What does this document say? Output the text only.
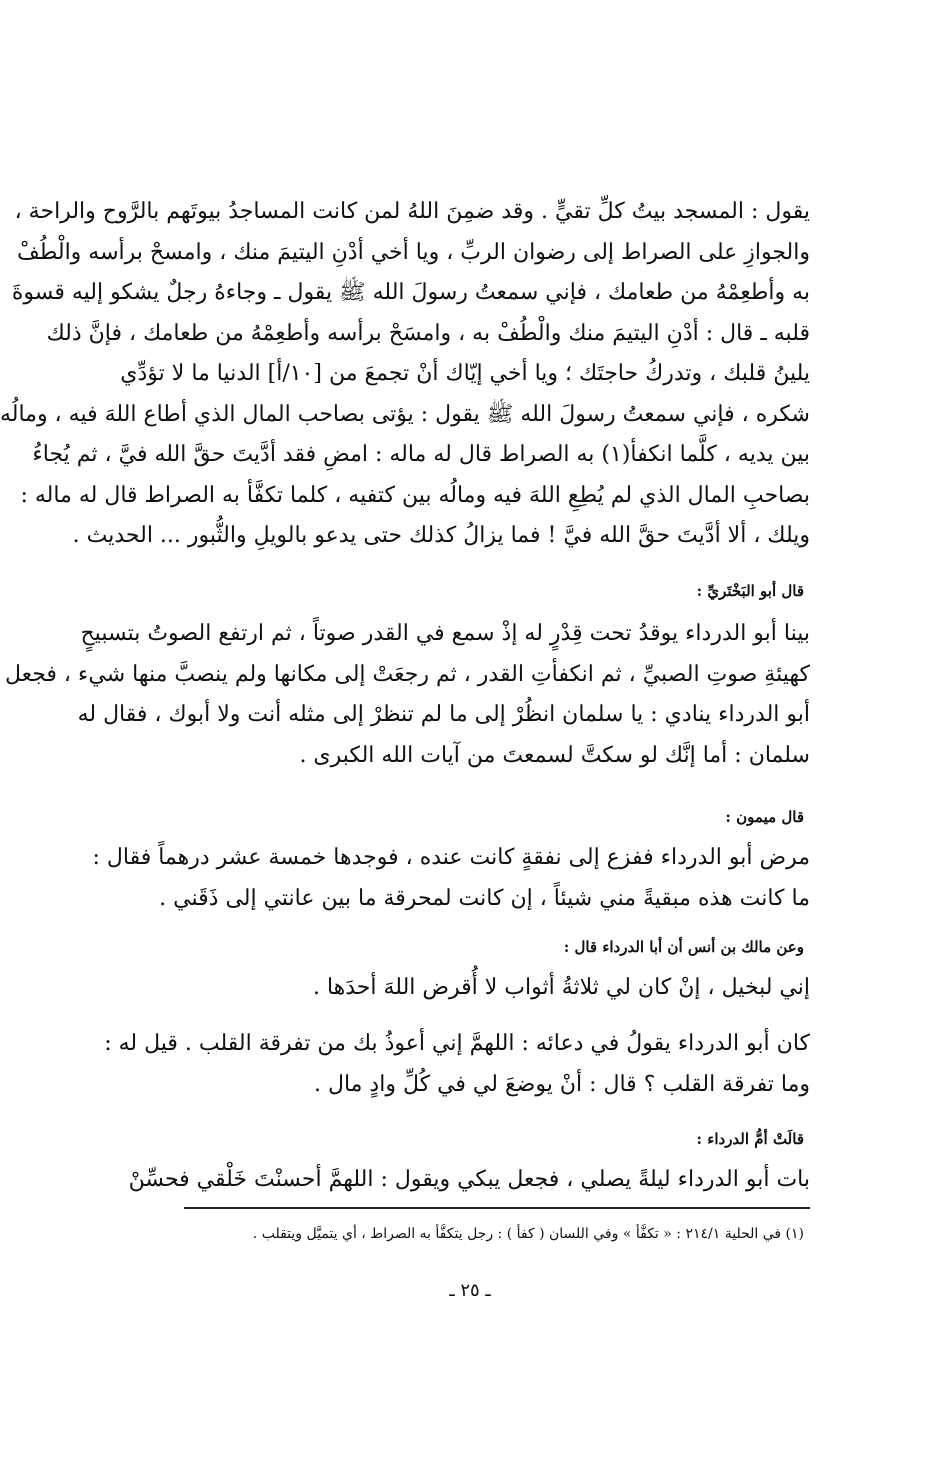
يقول : المسجد بيتُ كلِّ تقيٍّ . وقد ضمِنَ اللهُ لمن كانت المساجدُ بيوتَهم بالرَّوح والراحة ،
والجوازِ على الصراط إلى رضوان الربِّ ، ويا أخي أدْنِ اليتيمَ منك ، وامسحْ برأسه والْطُفْ
به وأطعِمْهُ من طعامك ، فإني سمعتُ رسولَ الله ﷺ يقول ـ وجاءهُ رجلٌ يشكو إليه قسوةَ
قلبه ـ قال : أدْنِ اليتيمَ منك والْطُفْ به ، وامسَحْ برأسه وأطعِمْهُ من طعامك ، فإنَّ ذلك
يلينُ قلبك ، وتدركُ حاجتَك ؛ ويا أخي إيّاك أنْ تجمعَ من [١٠/أ] الدنيا ما لا تؤدِّي
شكره ، فإني سمعتُ رسولَ الله ﷺ يقول : يؤتى بصاحب المال الذي أطاع اللهَ فيه ، ومالُه
بين يديه ، كلَّما انكفأ(١) به الصراط قال له ماله : امضِ فقد أدَّيتَ حقَّ الله فيَّ ، ثم يُجاءُ
بصاحبِ المال الذي لم يُطِعِ اللهَ فيه ومالُه بين كتفيه ، كلما تكفَّأ به الصراط قال له ماله :
ويلك ، ألا أدَّيتَ حقَّ الله فيَّ ! فما يزالُ كذلك حتى يدعو بالويلِ والثُّبور ... الحديث .
قال أبو البَخْتَريِّ :
بينا أبو الدرداء يوقدُ تحت قِدْرٍ له إذْ سمع في القدر صوتاً ، ثم ارتفع الصوتُ بتسبيحٍ
كهيئةِ صوتِ الصبيِّ ، ثم انكفأتِ القدر ، ثم رجعَتْ إلى مكانها ولم ينصبَّ منها شيء ، فجعل
أبو الدرداء ينادي : يا سلمان انظُرْ إلى ما لم تنظرْ إلى مثله أنت ولا أبوك ، فقال له
سلمان : أما إنَّك لو سكتَّ لسمعتَ من آيات الله الكبرى .
قال ميمون :
مرض أبو الدرداء ففزع إلى نفقةٍ كانت عنده ، فوجدها خمسة عشر درهماً فقال :
ما كانت هذه مبقيةً مني شيئاً ، إن كانت لمحرقة ما بين عانتي إلى ذَقَني .
وعن مالك بن أنس أن أبا الدرداء قال :
إني لبخيل ، إنْ كان لي ثلاثةُ أثواب لا أُقرض اللهَ أحدَها .
كان أبو الدرداء يقولُ في دعائه : اللهمَّ إني أعوذُ بك من تفرقة القلب . قيل له :
وما تفرقة القلب ؟ قال : أنْ يوضعَ لي في كُلِّ وادٍ مال .
قالَتْ أمُّ الدرداء :
بات أبو الدرداء ليلةً يصلي ، فجعل يبكي ويقول : اللهمَّ أحسنْتَ خَلْقي فحسِّنْ
(١) في الحلية ٢١٤/١ : « تكفَّأ » وفي اللسان ( كفأ ) : رجل يتكفَّأ به الصراط ، أي يتميَّل ويتقلب .
ـ ٢٥ ـ
